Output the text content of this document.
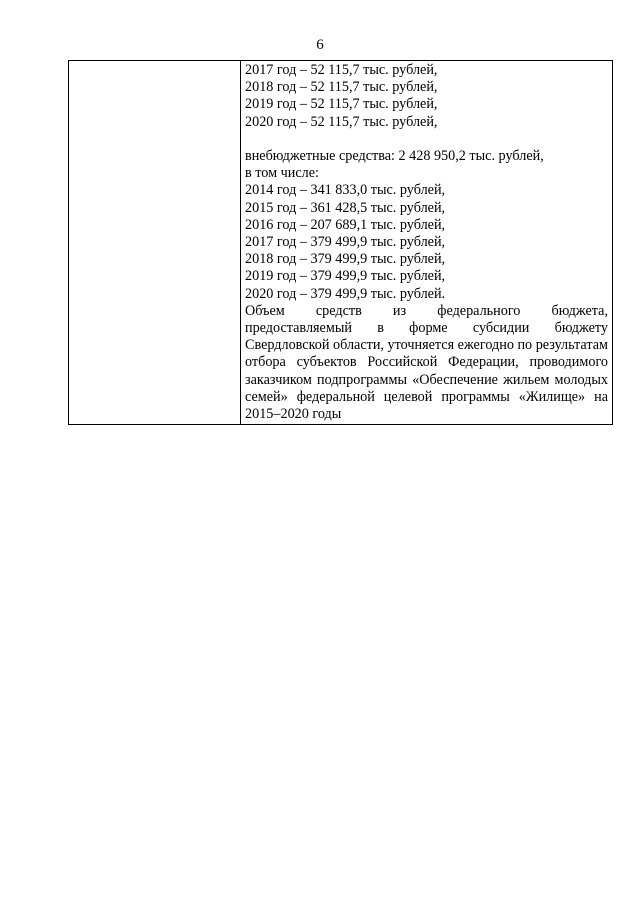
6

2017 год – 52 115,7 тыс. рублей,
2018 год – 52 115,7 тыс. рублей,
2019 год – 52 115,7 тыс. рублей,
2020 год – 52 115,7 тыс. рублей,
внебюджетные средства: 2 428 950,2 тыс. рублей,
в том числе:
2014 год – 341 833,0 тыс. рублей,
2015 год – 361 428,5 тыс. рублей,
2016 год – 207 689,1 тыс. рублей,
2017 год – 379 499,9 тыс. рублей,
2018 год – 379 499,9 тыс. рублей,
2019 год – 379 499,9 тыс. рублей,
2020 год – 379 499,9 тыс. рублей.
Объем средств из федерального бюджета, предоставляемый в форме субсидии бюджету Свердловской области, уточняется ежегодно по результатам отбора субъектов Российской Федерации, проводимого заказчиком подпрограммы «Обеспечение жильем молодых семей» федеральной целевой программы «Жилище» на 2015–2020 годы
